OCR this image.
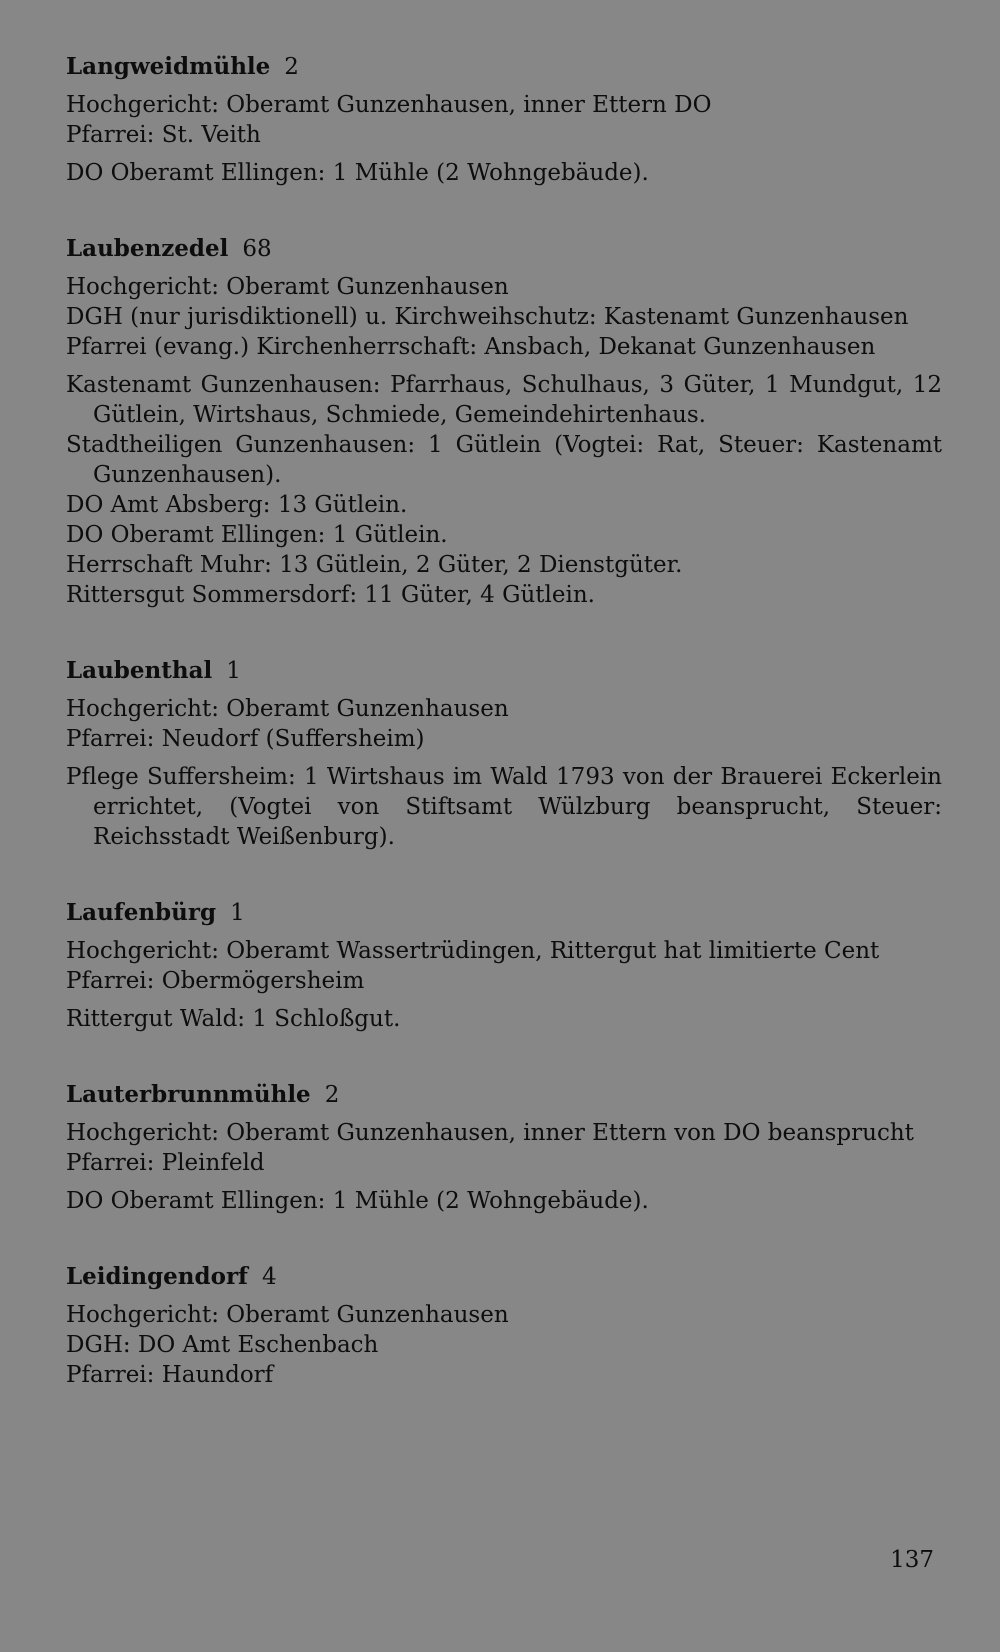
Langweidmühle 2

Hochgericht: Oberamt Gunzenhausen, inner Ettern DO

Pfarrei: St. Veith

DO Oberamt Ellingen: 1 Mühle (2 Wohngebäude).

Laubenzedel 68

Hochgericht: Oberamt Gunzenhausen

DGH (nur jurisdiktionell) u. Kirchweihschutz: Kastenamt Gunzenhausen

Pfarrei (evang.) Kirchenherrschaft: Ansbach, Dekanat Gunzenhausen

Kastenamt Gunzenhausen: Pfarrhaus, Schulhaus, 3 Güter, 1 Mundgut, 12 Gütlein, Wirtshaus, Schmiede, Gemeindehirtenhaus.

Stadtheiligen Gunzenhausen: 1 Gütlein (Vogtei: Rat, Steuer: Kastenamt Gunzenhausen).

DO Amt Absberg: 13 Gütlein.

DO Oberamt Ellingen: 1 Gütlein.

Herrschaft Muhr: 13 Gütlein, 2 Güter, 2 Dienstgüter.

Rittersgut Sommersdorf: 11 Güter, 4 Gütlein.

Laubenthal 1

Hochgericht: Oberamt Gunzenhausen

Pfarrei: Neudorf (Suffersheim)

Pflege Suffersheim: 1 Wirtshaus im Wald 1793 von der Brauerei Eckerlein errichtet, (Vogtei von Stiftsamt Wülzburg beansprucht, Steuer: Reichsstadt Weißenburg).

Laufenbürg 1

Hochgericht: Oberamt Wassertrüdingen, Rittergut hat limitierte Cent

Pfarrei: Obermögersheim

Rittergut Wald: 1 Schloßgut.

Lauterbrunnmühle 2

Hochgericht: Oberamt Gunzenhausen, inner Ettern von DO beansprucht

Pfarrei: Pleinfeld

DO Oberamt Ellingen: 1 Mühle (2 Wohngebäude).

Leidingendorf 4

Hochgericht: Oberamt Gunzenhausen

DGH: DO Amt Eschenbach

Pfarrei: Haundorf

137
